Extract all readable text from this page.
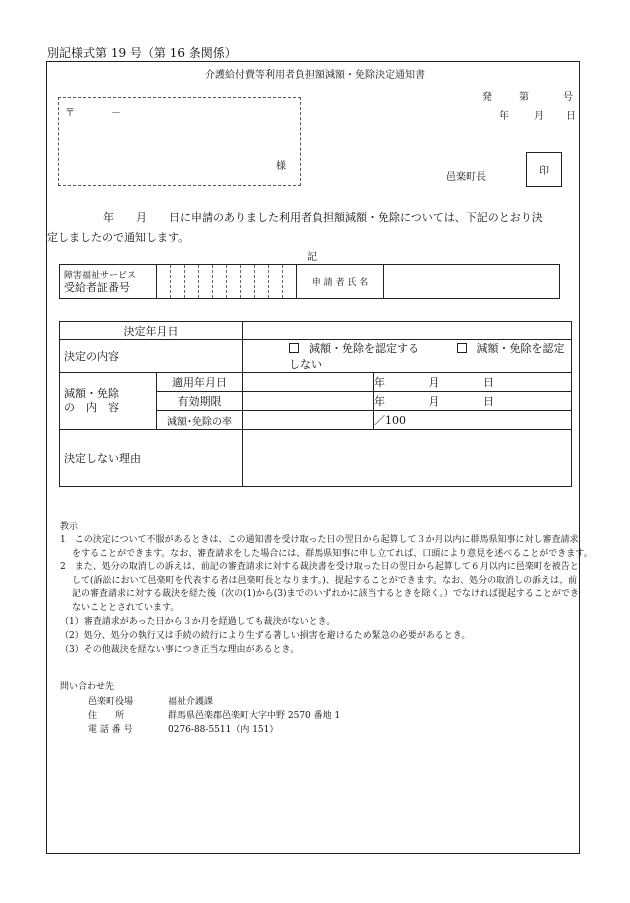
別記様式第 19 号（第 16 条関係）
介護給付費等利用者負担額減額・免除決定通知書
発	第	号
年	月 日
〒	－
様
邑楽町長
印
年　　月　　日に申請のありました利用者負担額減額・免除については、下記のとおり決
定しましたので通知します。
記
障害福祉サービス
受給者証番号											申 請 者 氏 名	
決定年月日			
決定の内容		減額・免除を認定する 減額・免除を認定しない	

減額・免除
の　内　容	適用年月日		年 月 日
	有効期限		年 月 日
	減額･免除の率		／100
決定しない理由			
教示
1　この決定について不服があるときは、この通知書を受け取った日の翌日から起算して３か月以内に群馬県知事に対し審査請求
をすることができます。なお、審査請求をした場合には、群馬県知事に申し立てれば、口頭により意見を述べることができます。
2　また、処分の取消しの訴えは、前記の審査請求に対する裁決書を受け取った日の翌日から起算して６月以内に邑楽町を被告と
して(訴訟において邑楽町を代表する者は邑楽町長となります。)、提起することができます。なお、処分の取消しの訴えは、前
記の審査請求に対する裁決を経た後（次の(1)から(3)までのいずれかに該当するときを除く。）でなければ提起することができ
ないこととされています。
（1）審査請求があった日から３か月を経過しても裁決がないとき。
（2）処分、処分の執行又は手続の続行により生ずる著しい損害を避けるため緊急の必要があるとき。
（3）その他裁決を経ない事につき正当な理由があるとき。
問い合わせ先
邑楽町役場	福祉介護課
住　　所	群馬県邑楽郡邑楽町大字中野 2570 番地 1
電 話 番 号	0276-88-5511（内 151）
